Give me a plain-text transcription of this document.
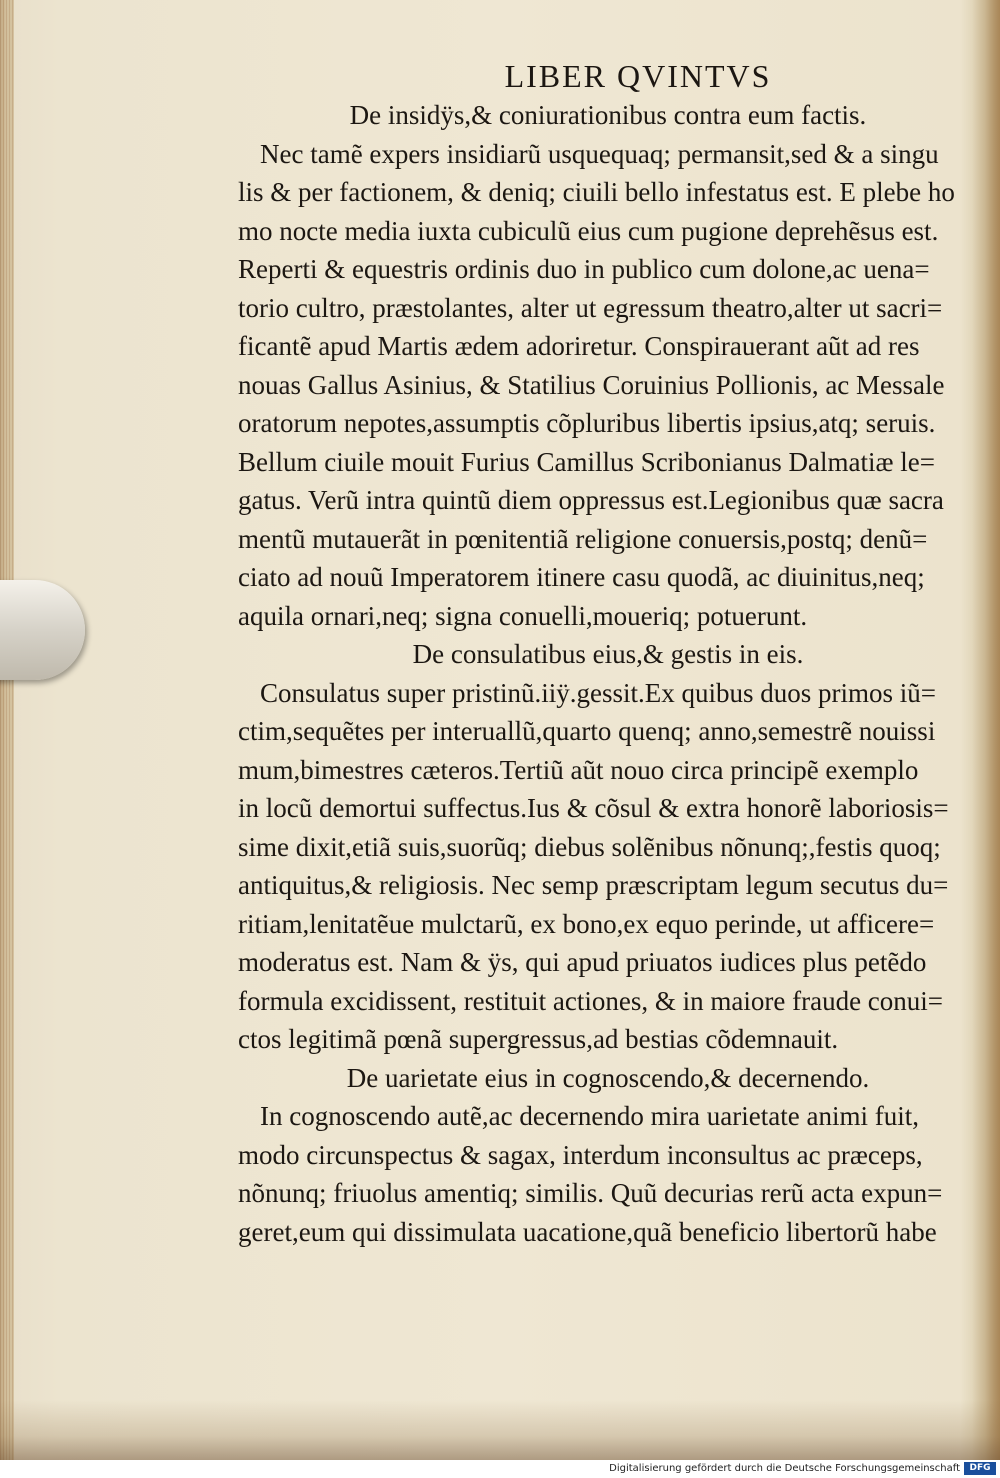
LIBER QVINTVS
De insidÿs,& coniurationibus contra eum factis.
Nec tamẽ expers insidiarũ usquequaq; permansit,sed & a singu
lis & per factionem, & deniq; ciuili bello infestatus est. E plebe ho
mo nocte media iuxta cubiculũ eius cum pugione deprehẽsus est.
Reperti & equestris ordinis duo in publico cum dolone,ac uena=
torio cultro, præstolantes, alter ut egressum theatro,alter ut sacri=
ficantẽ apud Martis ædem adoriretur. Conspirauerant aũt ad res
nouas Gallus Asinius, & Statilius Coruinius Pollionis, ac Messale
oratorum nepotes,assumptis cõpluribus libertis ipsius,atq; seruis.
Bellum ciuile mouit Furius Camillus Scribonianus Dalmatiæ le=
gatus. Verũ intra quintũ diem oppressus est.Legionibus quæ sacra
mentũ mutauerãt in pœnitentiã religione conuersis,postq; denũ=
ciato ad nouũ Imperatorem itinere casu quodã, ac diuinitus,neq;
aquila ornari,neq; signa conuelli,moueriq; potuerunt.
De consulatibus eius,& gestis in eis.
Consulatus super pristinũ.iiÿ.gessit.Ex quibus duos primos iũ=
ctim,sequẽtes per interuallũ,quarto quenq; anno,semestrẽ nouissi
mum,bimestres cæteros.Tertiũ aũt nouo circa principẽ exemplo
in locũ demortui suffectus.Ius & cõsul & extra honorẽ laboriosis=
sime dixit,etiã suis,suorũq; diebus solẽnibus nõnunq;,festis quoq;
antiquitus,& religiosis. Nec semp præscriptam legum secutus du=
ritiam,lenitatẽue mulctarũ, ex bono,ex equo perinde, ut afficere=
moderatus est. Nam & ÿs, qui apud priuatos iudices plus petẽdo
formula excidissent, restituit actiones, & in maiore fraude conui=
ctos legitimã pœnã supergressus,ad bestias cõdemnauit.
De uarietate eius in cognoscendo,& decernendo.
In cognoscendo autẽ,ac decernendo mira uarietate animi fuit,
modo circunspectus & sagax, interdum inconsultus ac præceps,
nõnunq; friuolus amentiq; similis. Quũ decurias rerũ acta expun=
geret,eum qui dissimulata uacatione,quã beneficio libertorũ habe
Digitalisierung gefördert durch die Deutsche Forschungsgemeinschaft	DFG
